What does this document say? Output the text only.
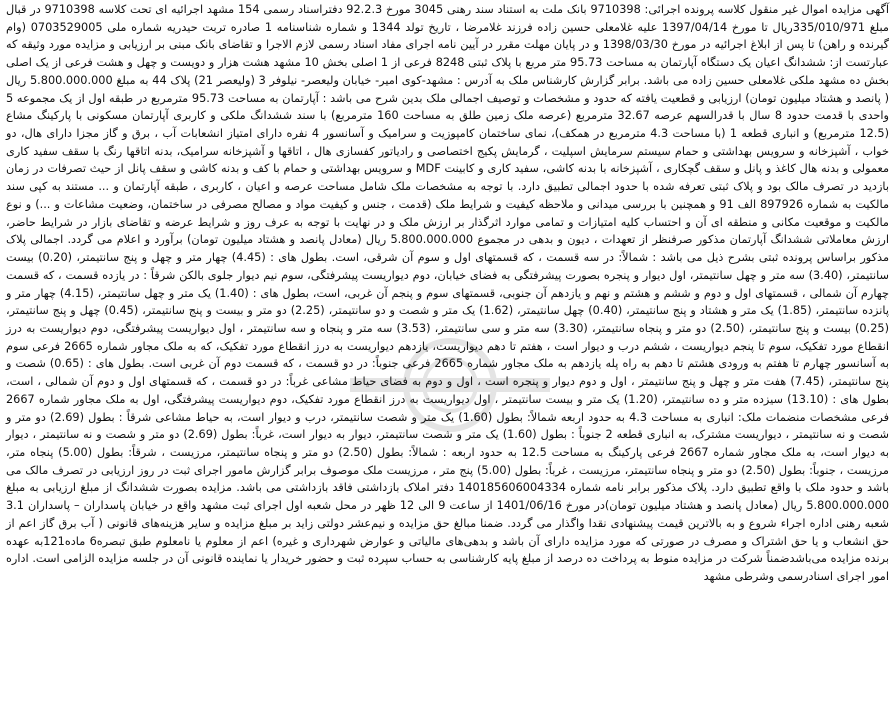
آگهی مزایده اموال غیر منقول کلاسه پرونده اجرائی: 9710398 بانک ملت به استناد سند رهنی 3045 مورخ 92.2.3 دفتراسناد رسمی 154 مشهد اجرائیه ای تحت کلاسه 9710398 در قبال مبلغ 335/010/971ریال تا مورخ 1397/04/14 علیه غلامعلی حسین زاده فرزند غلامرضا ، تاریخ تولد 1344 و شماره شناسنامه 1 صادره تربت حیدریه شماره ملی 0703529005 (وام گیرنده و راهن) تا پس از ابلاغ اجرائیه در مورخ 1398/03/30 و در پایان مهلت مقرر در آیین نامه اجرای مفاد اسناد رسمی لازم الاجرا و تقاضای بانک مبنی بر ارزیابی و مزایده مورد وثیقه که عبارتست از: ششدانگ اعیان یک دستگاه آپارتمان به مساحت 95.73 متر مربع با پلاک ثبتی 8248 فرعی از 1 اصلی بخش 10 مشهد هشت هزار و دویست و چهل و هشت فرعی از یک اصلی بخش ده مشهد ملکی غلامعلی حسین زاده می باشد. برابر گزارش کارشناس ملک به آدرس : مشهد-کوی امیر- خیابان ولیعصر- نیلوفر 3 (ولیعصر 21) پلاک 44 به مبلغ 5.800.000.000 ریال ( پانصد و هشتاد میلیون تومان) ارزیابی و قطعیت یافته که حدود و مشخصات و توصیف اجمالی ملک بدین شرح می باشد : آپارتمان به مساحت 95.73 مترمربع در طبقه اول از یک مجموعه 5 واحدی با قدمت حدود 8 سال با قدرالسهم عرصه 32.67 مترمربع (عرصه ملک زمین طلق به مساحت 160 مترمربع) با سند ششدانگ ملکی و کاربری آپارتمان مسکونی با پارکینگ مشاع (12.5 مترمربع) و انباری قطعه 1 (با مساحت 4.3 مترمربع در همکف)، نمای ساختمان کامپوزیت و سرامیک و آسانسور 4 نفره دارای امتیاز انشعابات آب ، برق و گاز مجزا دارای هال، دو خواب ، آشپزخانه و سرویس بهداشتی و حمام سیستم سرمایش اسپلیت ، گرمایش پکیج اختصاصی و رادیاتور کفسازی هال ، اتاقها و آشپزخانه سرامیک، بدنه اتاقها رنگ با سقف سفید کاری معمولی و بدنه هال کاغذ و پانل و سقف گچکاری ، آشپزخانه با بدنه کاشی، سفید کاری و کابینت MDF و سرویس بهداشتی و حمام با کف و بدنه کاشی و سقف پانل از حیث تصرفات در زمان بازدید در تصرف مالک بود و پلاک ثبتی تعرفه شده با حدود اجمالی تطبیق دارد. با توجه به مشخصات ملک شامل مساحت عرصه و اعیان ، کاربری ، طبقه آپارتمان و ... مستند به کپی سند مالکیت به شماره 897926 الف 91 و همچنین با بررسی میدانی و ملاحظه کیفیت و شرایط ملک (قدمت ، جنس و کیفیت مواد و مصالح مصرفی در ساختمان، وضعیت مشاعات و ...) و نوع مالکیت و موقعیت مکانی و منطقه ای آن و احتساب کلیه امتیازات و تمامی موارد اثرگذار بر ارزش ملک و در نهایت با توجه به عرف روز و شرایط عرضه و تقاضای بازار در شرایط حاضر، ارزش معاملاتی ششدانگ آپارتمان مذکور صرفنظر از تعهدات ، دیون و بدهی در مجموع 5.800.000.000 ریال (معادل پانصد و هشتاد میلیون تومان) برآورد و اعلام می گردد. اجمالی پلاک مذکور براساس پرونده ثبتی بشرح ذیل می باشد : شمالاً: در سه قسمت ، که قسمتهای اول و سوم آن شرقی، است. بطول های : (4.45) چهار متر و چهل و پنج سانتیمتر، (0.20) بیست سانتیمتر، (3.40) سه متر و چهل سانتیمتر، اول دیوار و پنجره بصورت پیشرفتگی به فضای خیابان، دوم دیواریست پیشرفتگی، سوم نیم دیوار جلوی بالکن شرقاً : در یازده قسمت ، که قسمت چهارم آن شمالی ، قسمتهای اول و دوم و ششم و هشتم و نهم و یازدهم آن جنوبی، قسمتهای سوم و پنجم آن غربی، است، بطول های : (1.40) یک متر و چهل سانتیمتر، (4.15) چهار متر و پانزده سانتیمتر، (1.85) یک متر و هشتاد و پنج سانتیمتر، (0.40) چهل سانتیمتر، (1.62) یک متر و شصت و دو سانتیمتر، (2.25) دو متر و بیست و پنج سانتیمتر، (0.45) چهل و پنج سانتیمتر، (0.25) بیست و پنج سانتیمتر، (2.50) دو متر و پنجاه سانتیمتر، (3.30) سه متر و سی سانتیمتر، (3.53) سه متر و پنجاه و سه سانتیمتر ، اول دیواریست پیشرفتگی، دوم دیواریست به درز انقطاع مورد تفکیک، سوم تا پنجم دیواریست ، ششم درب و دیوار است ، هفتم تا دهم دیواریست، یازدهم دیواریست به درز انقطاع مورد تفکیک، که به ملک مجاور شماره 2665 فرعی سوم به آسانسور چهارم تا هفتم به ورودی هشتم تا دهم به راه پله یازدهم به ملک مجاور شماره 2665 فرعی جنوباً: در دو قسمت ، که قسمت دوم آن غربی است. بطول های : (0.65) شصت و پنج سانتیمتر، (7.45) هفت متر و چهل و پنج سانتیمتر ، اول و دوم دیوار و پنجره است ، اول و دوم به فضای حیاط مشاعی غرباً: در دو قسمت ، که قسمتهای اول و دوم آن شمالی ، است، بطول های : (13.10) سیزده متر و ده سانتیمتر، (1.20) یک متر و بیست سانتیمتر ، اول دیواریست به درز انقطاع مورد تفکیک، دوم دیواریست پیشرفتگی، اول به ملک مجاور شماره 2667 فرعی مشخصات منضمات ملک: انباری به مساحت 4.3 به حدود اربعه شمالاً: بطول (1.60) یک متر و شصت سانتیمتر، درب و دیوار است، به حیاط مشاعی شرقاً : بطول (2.69) دو متر و شصت و نه سانتیمتر ، دیواریست مشترک، به انباری قطعه 2 جنوباً : بطول (1.60) یک متر و شصت سانتیمتر، دیوار به دیوار است، غرباً: بطول (2.69) دو متر و شصت و نه سانتیمتر ، دیوار به دیوار است، به ملک مجاور شماره 2667 فرعی پارکینگ به مساحت 12.5 به حدود اربعه : شمالاً: بطول (2.50) دو متر و پنجاه سانتیمتر، مرزیست ، شرقاً: بطول (5.00) پنجاه متر، مرزیست ، جنوباً: بطول (2.50) دو متر و پنجاه سانتیمتر، مرزیست ، غرباً: بطول (5.00) پنج متر ، مرزیست ملک موصوف برابر گزارش مامور اجرای ثبت در روز ارزیابی در تصرف مالک می باشد و حدود ملک با واقع تطبیق دارد. پلاک مذکور برابر نامه شماره 140185606004334 دفتر املاک بازداشتی فاقد بازداشتی می باشد. مزایده بصورت ششدانگ از مبلغ ارزیابی به مبلغ 5.800.000.000 ریال (معادل پانصد و هشتاد میلیون تومان)در مورخ 1401/06/16 از ساعت 9 الی 12 ظهر در محل شعبه اول اجرای ثبت مشهد واقع در خیابان پاسداران – پاسداران 3.1 شعبه رهنی اداره اجراء شروع و به بالاترین قیمت پیشنهادی نقدا واگذار می گردد. ضمنا مبالغ حق مزایده و نیم‌عشر دولتی زاید بر مبلغ مزایده و سایر هزینه‌های قانونی ( آب برق گاز اعم از حق انشعاب و یا حق اشتراک و مصرف در صورتی که مورد مزایده دارای آن باشد و بدهی‌های مالیاتی و عوارض شهرداری و غیره) اعم از معلوم یا نامعلوم طبق تبصره6 ماده121به عهده برنده مزایده می‌باشدضمناً شرکت در مزایده منوط به پرداخت ده درصد از مبلغ پایه کارشناسی به حساب سپرده ثبت و حضور خریدار یا نماینده قانونی آن در جلسه مزایده الزامی است. اداره امور اجرای اسنادرسمی وشرطی مشهد
